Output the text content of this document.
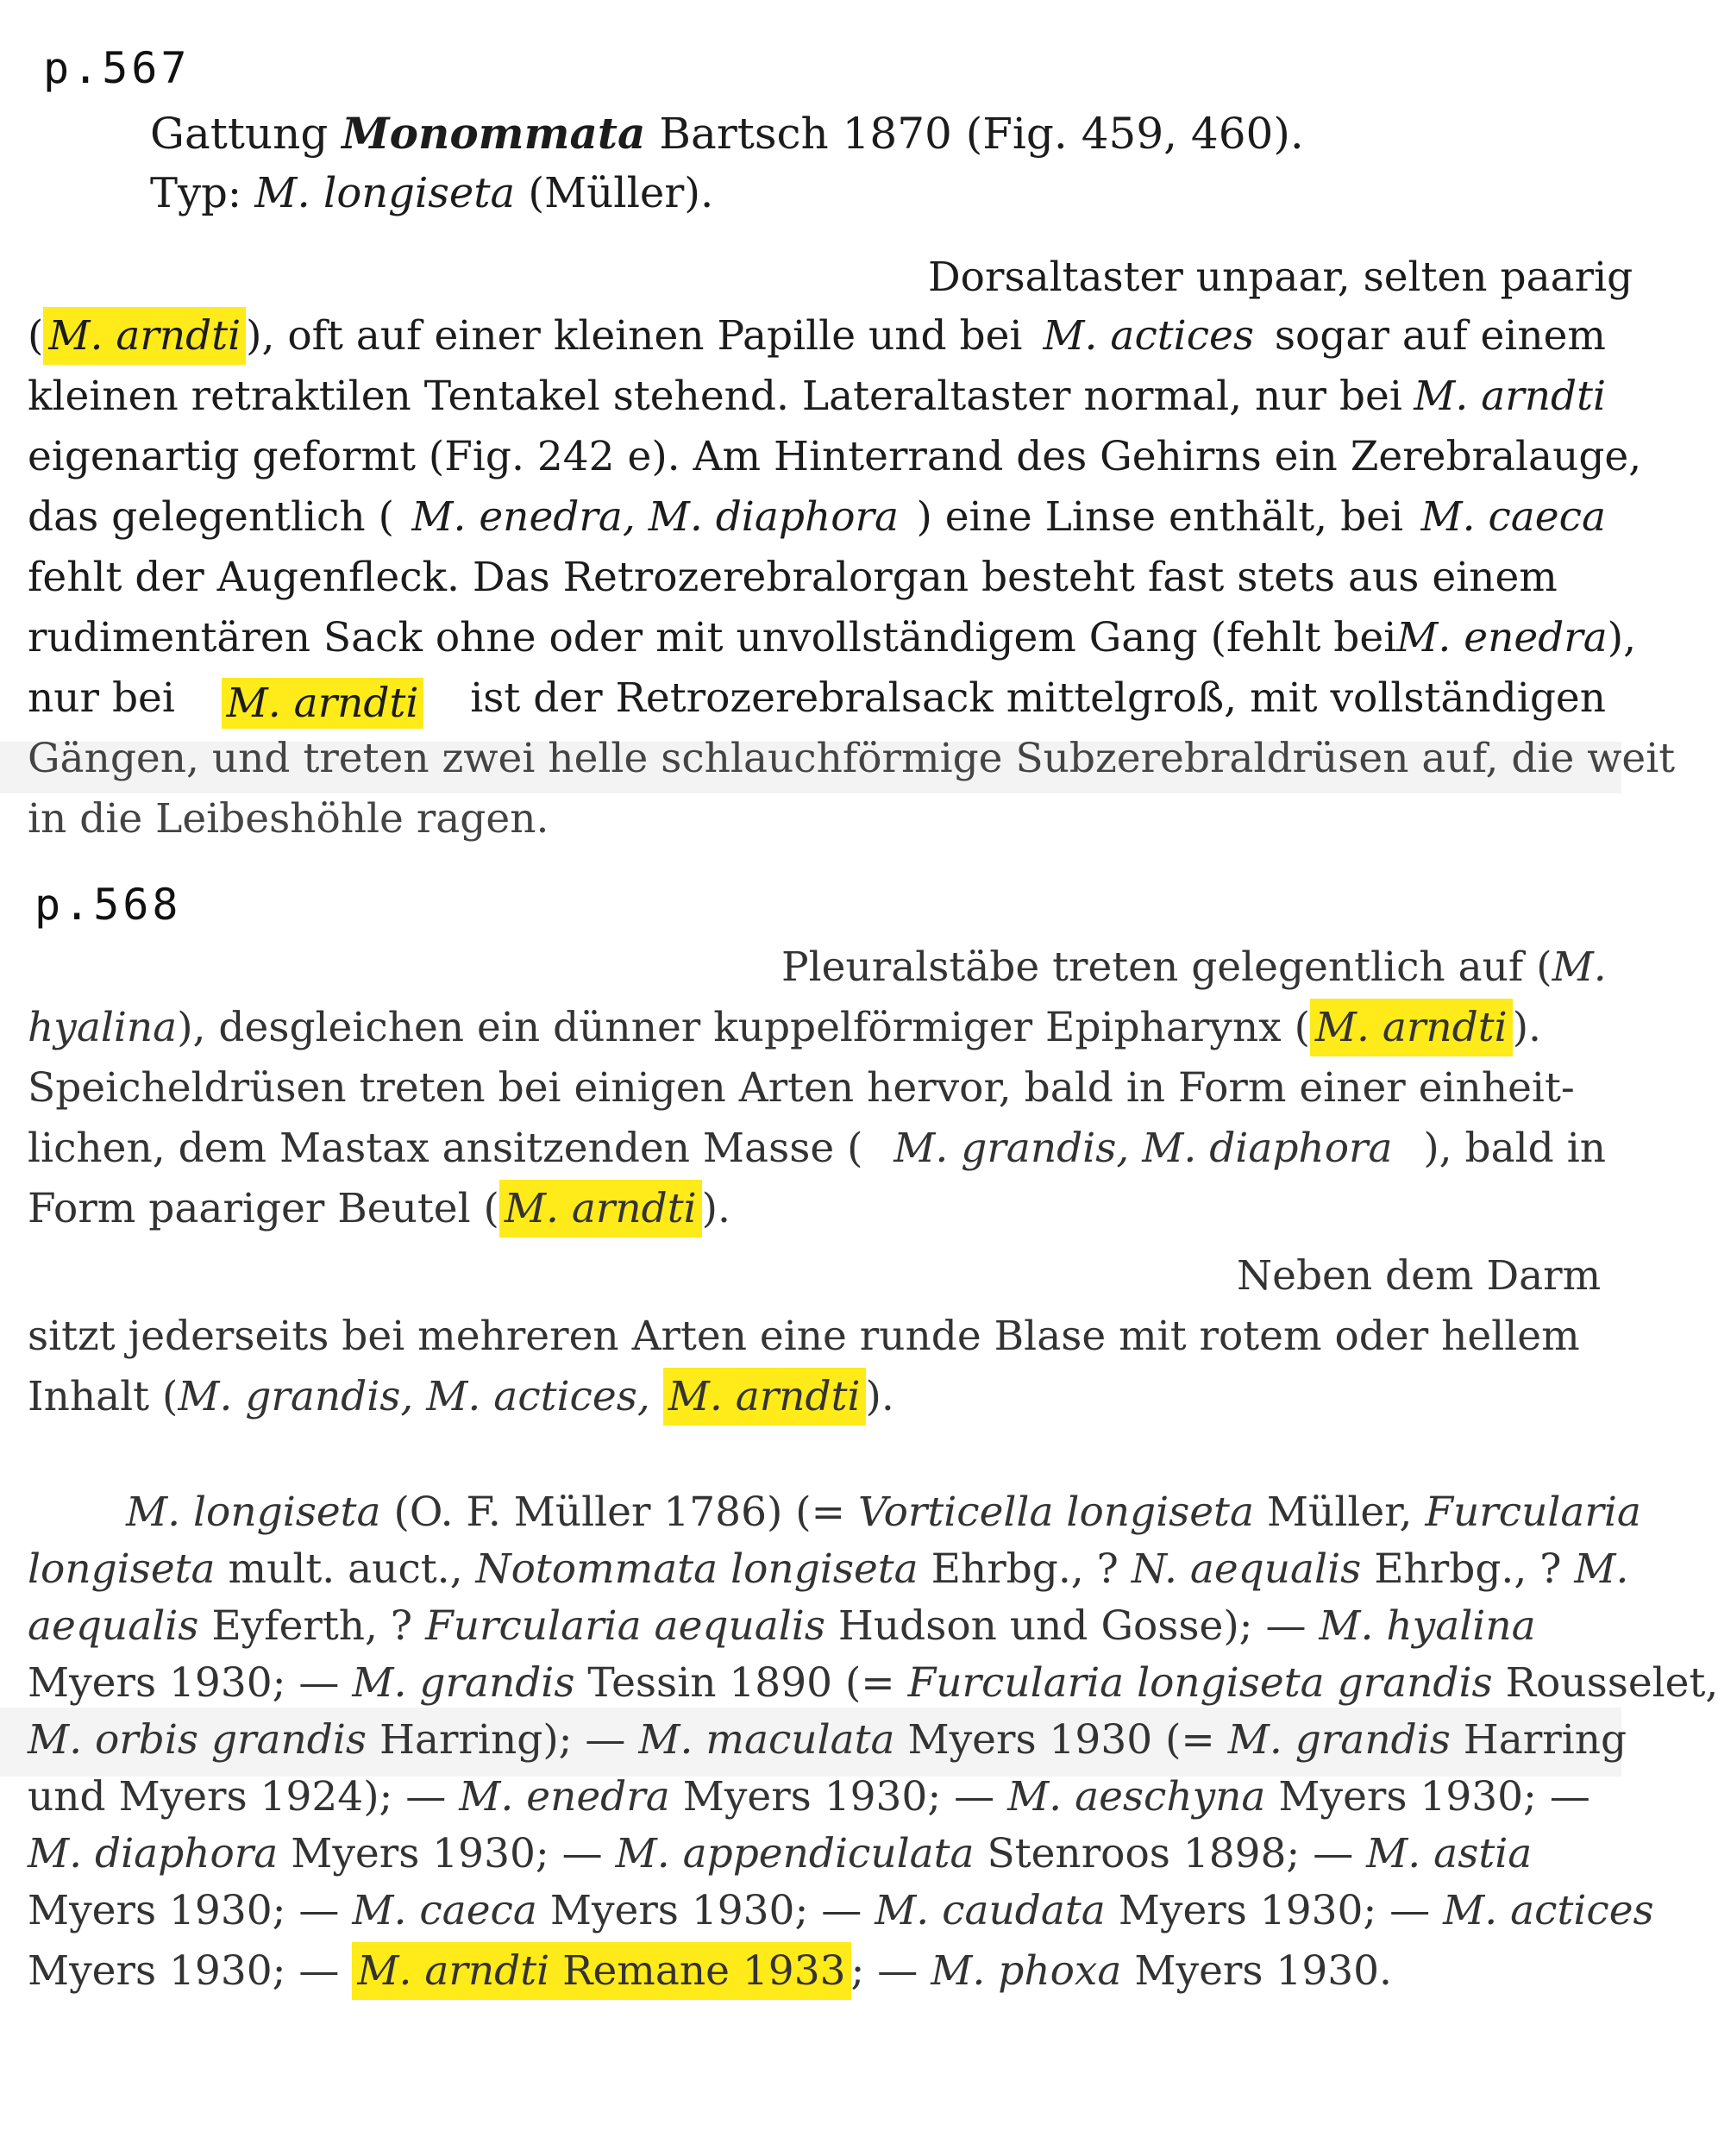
p.567
Gattung Monommata Bartsch 1870 (Fig. 459, 460).
Typ: M. longiseta (Müller).
Dorsaltaster unpaar, selten paarig
( M. arndti ), oft auf einer kleinen Papille und bei M. actices sogar auf einem
kleinen retraktilen Tentakel stehend. Lateraltaster normal, nur bei M. arndti
eigenartig geformt (Fig. 242 e). Am Hinterrand des Gehirns ein Zerebralauge,
das gelegentlich ( M. enedra, M. diaphora ) eine Linse enthält, bei M. caeca
fehlt der Augenfleck. Das Retrozerebralorgan besteht fast stets aus einem
rudimentären Sack ohne oder mit unvollständigem Gang (fehlt bei M. enedra),
nur bei M. arndti ist der Retrozerebralsack mittelgroß, mit vollständigen
Gängen, und treten zwei helle schlauchförmige Subzerebraldrüsen auf, die weit
in die Leibeshöhle ragen.
p.568
Pleuralstäbe treten gelegentlich auf (M.
hyalina), desgleichen ein dünner kuppelförmiger Epipharynx ( M. arndti ).
Speicheldrüsen treten bei einigen Arten hervor, bald in Form einer einheit-
lichen, dem Mastax ansitzenden Masse ( M. grandis, M. diaphora ), bald in
Form paariger Beutel ( M. arndti ).
Neben dem Darm
sitzt jederseits bei mehreren Arten eine runde Blase mit rotem oder hellem
Inhalt (M. grandis, M. actices, M. arndti ).
M. longiseta (O. F. Müller 1786) (= Vorticella longiseta Müller, Furcularia
longiseta mult. auct., Notommata longiseta Ehrbg., ? N. aequalis Ehrbg., ? M.
aequalis Eyferth, ? Furcularia aequalis Hudson und Gosse); — M. hyalina
Myers 1930; — M. grandis Tessin 1890 (= Furcularia longiseta grandis Rousselet,
M. orbis grandis Harring); — M. maculata Myers 1930 (= M. grandis Harring
und Myers 1924); — M. enedra Myers 1930; — M. aeschyna Myers 1930; —
M. diaphora Myers 1930; — M. appendiculata Stenroos 1898; — M. astia
Myers 1930; — M. caeca Myers 1930; — M. caudata Myers 1930; — M. actices
Myers 1930; — M. arndti Remane 1933 ; — M. phoxa Myers 1930.
